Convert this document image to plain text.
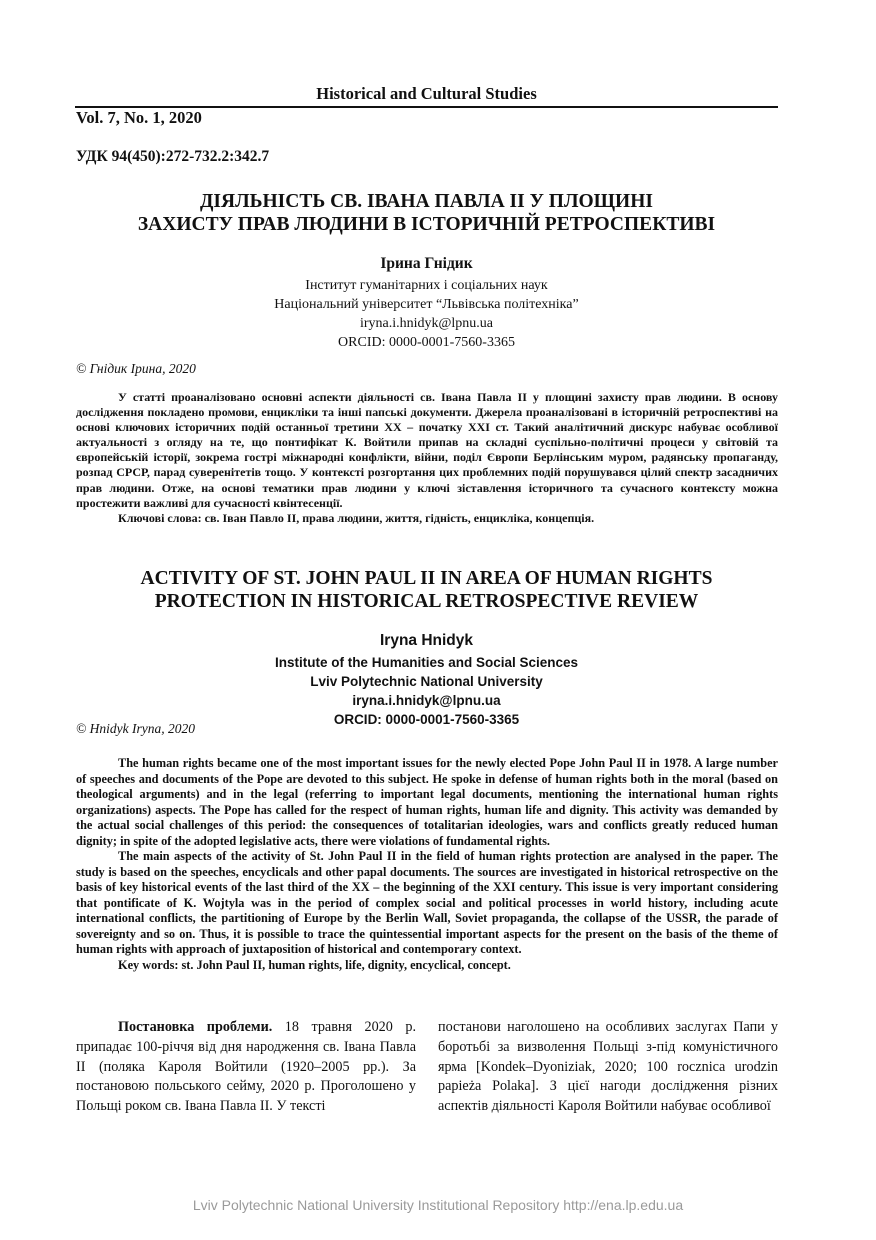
Historical and Cultural Studies
Vol. 7, No. 1, 2020
УДК 94(450):272-732.2:342.7
ДІЯЛЬНІСТЬ СВ. ІВАНА ПАВЛА ІІ У ПЛОЩИНІ
ЗАХИСТУ ПРАВ ЛЮДИНИ В ІСТОРИЧНІЙ РЕТРОСПЕКТИВІ
Ірина Гнідик
Інститут гуманітарних і соціальних наук
Національний університет “Львівська політехніка”
iryna.i.hnidyk@lpnu.ua
ORCID: 0000-0001-7560-3365
© Гнідик Ірина, 2020

У статті проаналізовано основні аспекти діяльності св. Івана Павла ІІ у площині захисту прав людини. В основу дослідження покладено промови, енцикліки та інші папські документи. Джерела проаналізовані в історичній ретроспективі на основі ключових історичних подій останньої третини ХХ – початку ХХІ ст. Такий аналітичний дискурс набуває особливої актуальності з огляду на те, що понтифікат К. Войтили припав на складні суспільно-політичні процеси у світовій та європейській історії, зокрема гострі міжнародні конфлікти, війни, поділ Європи Берлінським муром, радянську пропаганду, розпад СРСР, парад суверенітетів тощо. У контексті розгортання цих проблемних подій порушувався цілий спектр засадничих прав людини. Отже, на основі тематики прав людини у ключі зіставлення історичного та сучасного контексту можна простежити важливі для сучасності квінтесенції.

Ключові слова: св. Іван Павло ІІ, права людини, життя, гідність, енцикліка, концепція.

ACTIVITY OF ST. JOHN PAUL II IN AREA OF HUMAN RIGHTS
PROTECTION IN HISTORICAL RETROSPECTIVE REVIEW
Iryna Hnidyk
Institute of the Humanities and Social Sciences
Lviv Polytechnic National University
iryna.i.hnidyk@lpnu.ua
ORCID: 0000-0001-7560-3365
© Hnidyk Iryna, 2020

The human rights became one of the most important issues for the newly elected Pope John Paul II in 1978. A large number of speeches and documents of the Pope are devoted to this subject. He spoke in defense of human rights both in the moral (based on theological arguments) and in the legal (referring to important legal documents, mentioning the international human rights organizations) aspects. The Pope has called for the respect of human rights, human life and dignity. This activity was demanded by the actual social challenges of this period: the consequences of totalitarian ideologies, wars and conflicts greatly reduced human dignity; in spite of the adopted legislative acts, there were violations of fundamental rights.

The main aspects of the activity of St. John Paul II in the field of human rights protection are analysed in the paper. The study is based on the speeches, encyclicals and other papal documents. The sources are investigated in historical retrospective on the basis of key historical events of the last third of the XX – the beginning of the XXI century. This issue is very important considering that pontificate of K. Wojtyla was in the period of complex social and political processes in world history, including acute international conflicts, the partitioning of Europe by the Berlin Wall, Soviet propaganda, the collapse of the USSR, the parade of sovereignty and so on. Thus, it is possible to trace the quintessential important aspects for the present on the basis of the theme of human rights with approach of juxtaposition of historical and contemporary context.

Key words: st. John Paul II, human rights, life, dignity, encyclical, concept.

Постановка проблеми. 18 травня 2020 р. припадає 100-річчя від дня народження св. Івана Павла ІІ (поляка Кароля Войтили (1920–2005 рр.). За постановою польського сейму, 2020 р. Проголошено у Польщі роком св. Івана Павла ІІ. У тексті

постанови наголошено на особливих заслугах Папи у боротьбі за визволення Польщі з-під комуністичного ярма [Kondek–Dyoniziak, 2020; 100 rocznica urodzin papieża Polaka]. З цієї нагоди дослідження різних аспектів діяльності Кароля Войтили набуває особливої

Lviv Polytechnic National University Institutional Repository http://ena.lp.edu.ua
